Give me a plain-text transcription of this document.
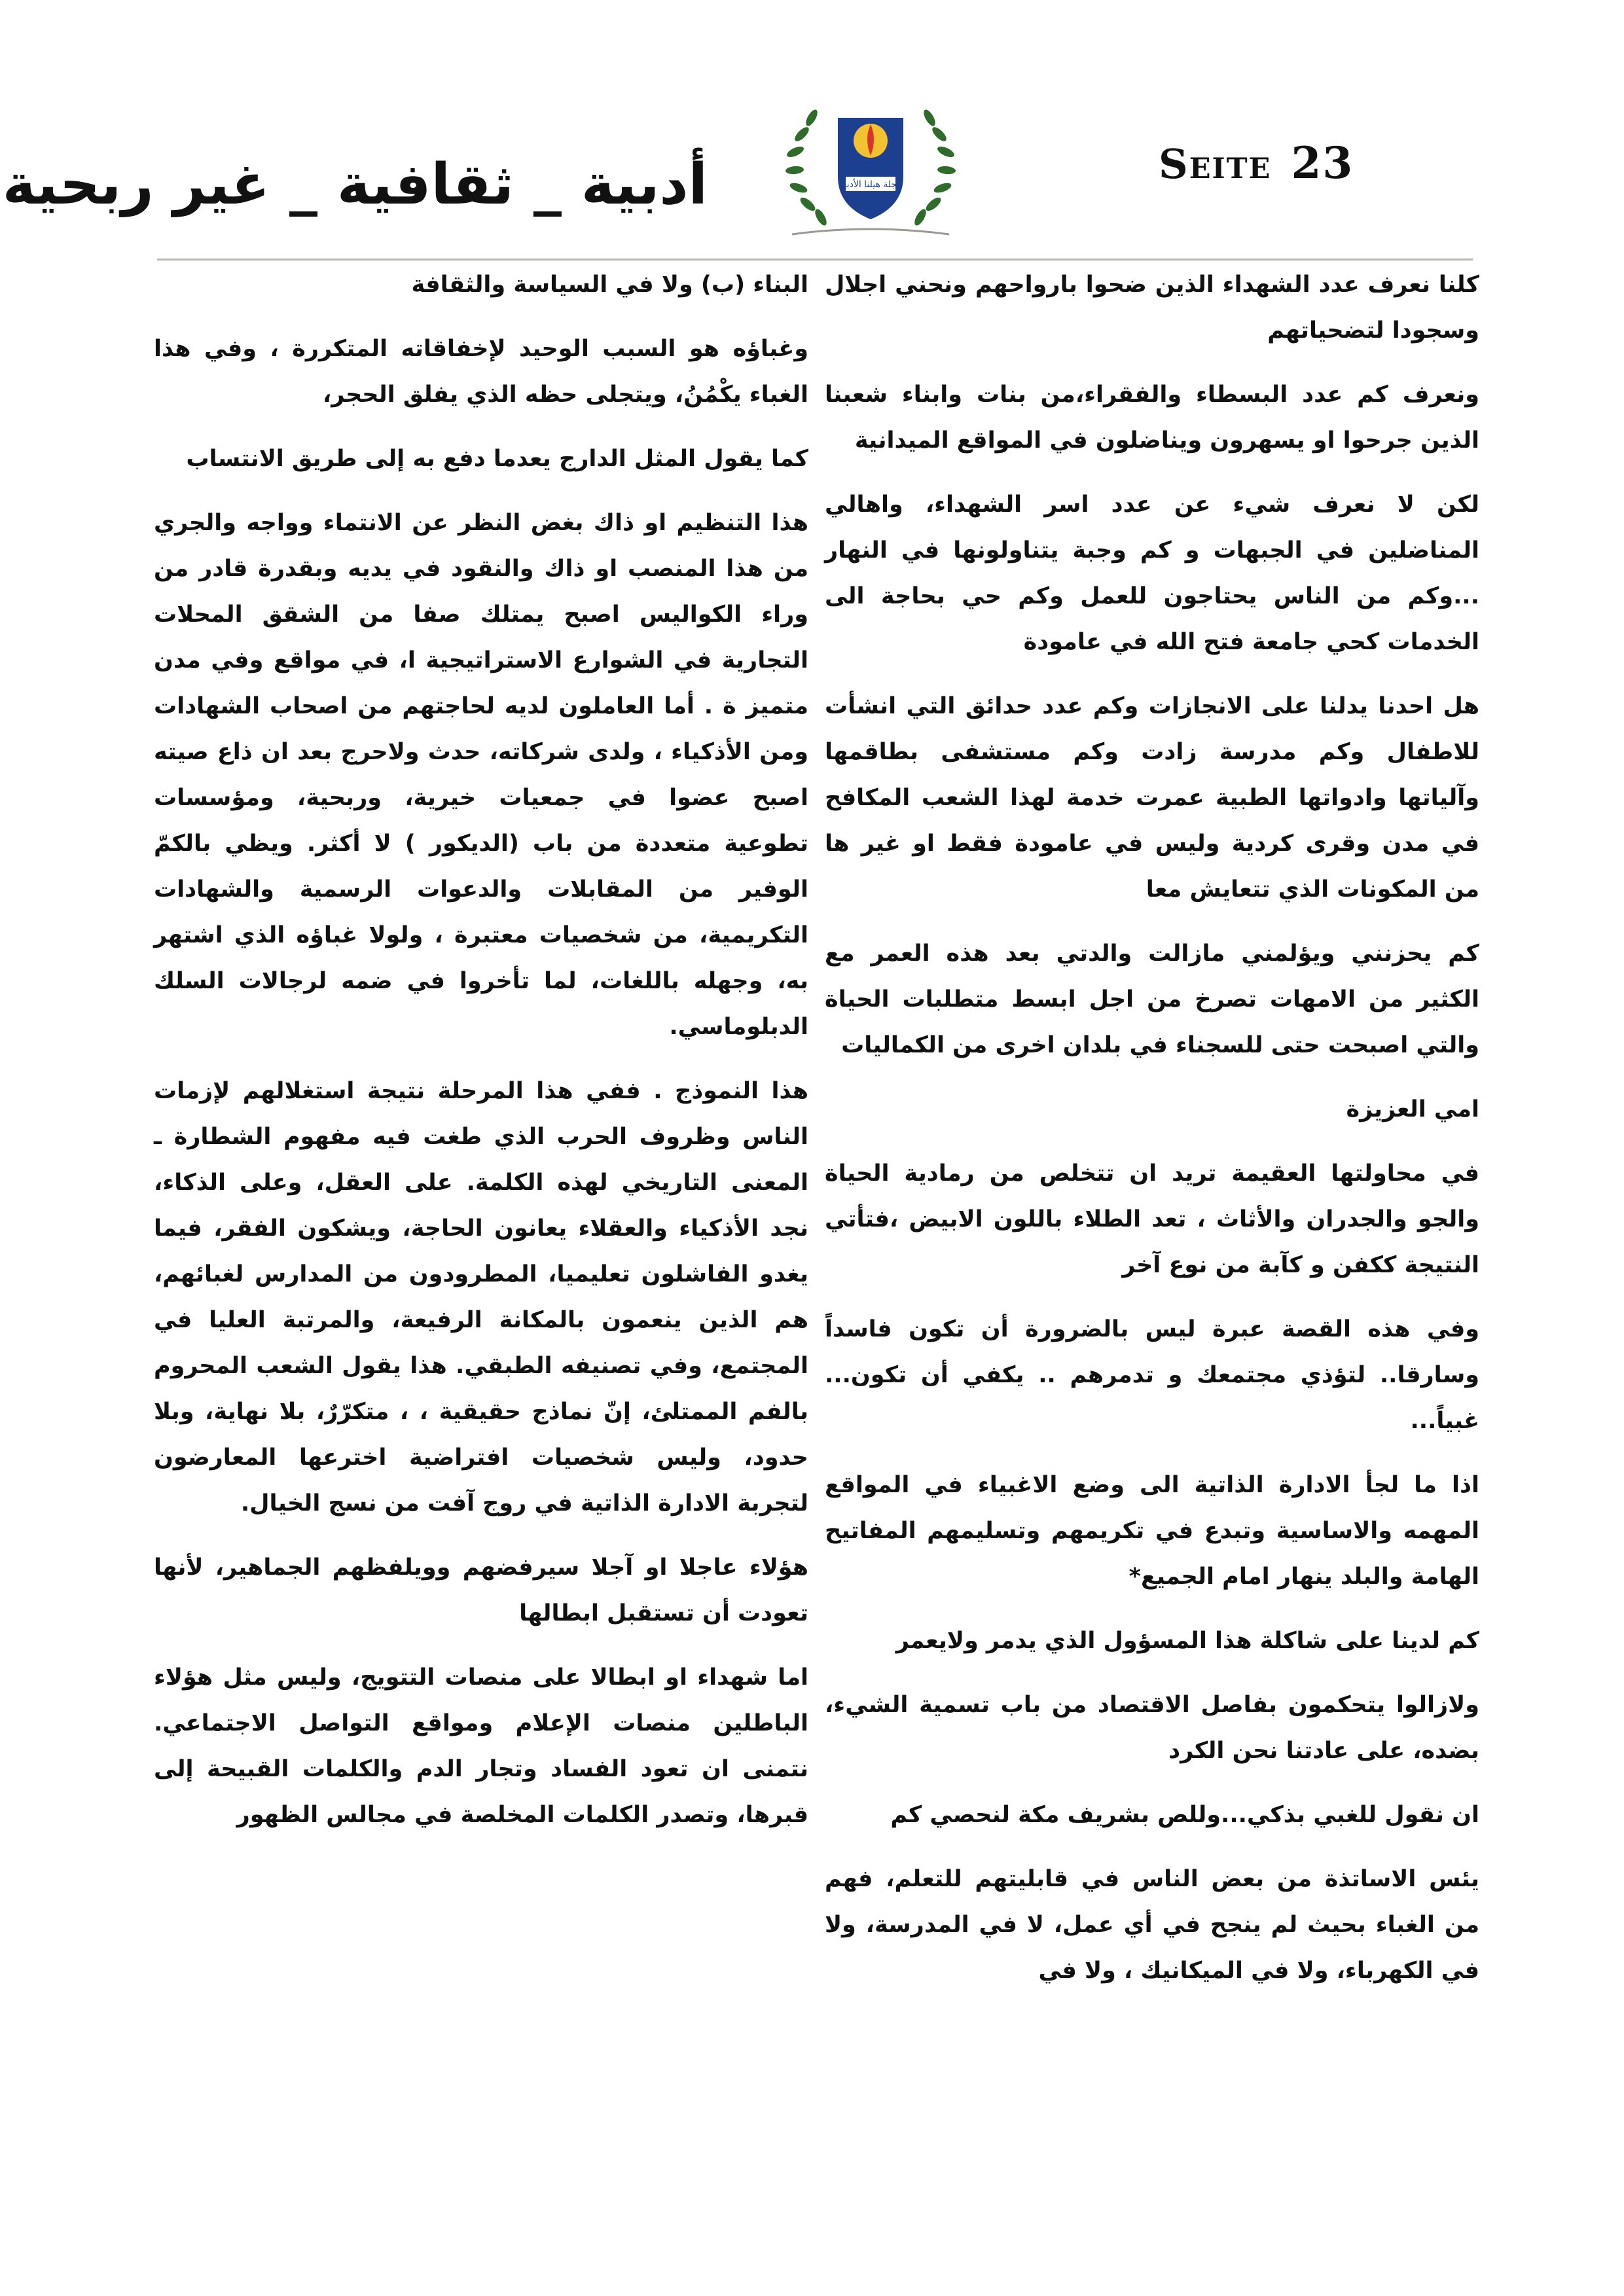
Seite 23
مجلة هيلنا الأدبية
أدبية _ ثقافية _ غير ربحية

كلنا نعرف عدد الشهداء الذين ضحوا بارواحهم ونحني اجلال وسجودا لتضحياتهم

ونعرف كم عدد البسطاء والفقراء،من بنات وابناء شعبنا الذين جرحوا او يسهرون ويناضلون في المواقع الميدانية

لكن لا نعرف شيء عن عدد اسر الشهداء، واهالي المناضلين في الجبهات و كم وجبة يتناولونها في النهار ...وكم من الناس يحتاجون للعمل وكم حي بحاجة الى الخدمات كحي جامعة فتح الله في عامودة

هل احدنا يدلنا على الانجازات وكم عدد حدائق التي انشأت للاطفال وكم مدرسة زادت وكم مستشفى بطاقمها وآلياتها وادواتها الطبية عمرت خدمة لهذا الشعب المكافح في مدن وقرى كردية وليس في عامودة فقط او غير ها من المكونات الذي تتعايش معا

كم يحزنني ويؤلمني مازالت والدتي بعد هذه العمر مع الكثير من الامهات تصرخ من اجل ابسط متطلبات الحياة والتي اصبحت حتى للسجناء في بلدان اخرى من الكماليات

امي العزيزة

في محاولتها العقيمة تريد ان تتخلص من رمادية الحياة والجو والجدران والأثاث ، تعد الطلاء باللون الابيض ،فتأتي النتيجة ككفن و كآبة من نوع آخر

وفي هذه القصة عبرة ليس بالضرورة أن تكون فاسداً وسارقا.. لتؤذي مجتمعك و تدمرهم .. يكفي أن تكون... غبياً...

اذا ما لجأ الادارة الذاتية الى وضع الاغبياء في المواقع المهمه والاساسية وتبدع في تكريمهم وتسليمهم المفاتيح الهامة والبلد ينهار امام الجميع*

كم لدينا على شاكلة هذا المسؤول الذي يدمر ولايعمر

ولازالوا يتحكمون بفاصل الاقتصاد من باب تسمية الشيء، بضده، على عادتنا نحن الكرد

ان نقول للغبي بذكي...وللص بشريف مكة لنحصي كم

يئس الاساتذة من بعض الناس في قابليتهم للتعلم، فهم من الغباء بحيث لم ينجح في أي عمل، لا في المدرسة، ولا في الكهرباء، ولا في الميكانيك ، ولا في

البناء (ب) ولا في السياسة والثقافة

وغباؤه هو السبب الوحيد لإخفاقاته المتكررة ، وفي هذا الغباء يكْمُنُ، ويتجلى حظه الذي يفلق الحجر،

كما يقول المثل الدارج يعدما دفع به إلى طريق الانتساب

هذا التنظيم او ذاك بغض النظر عن الانتماء وواجه والجري من هذا المنصب او ذاك والنقود في يديه وبقدرة قادر من وراء الكواليس اصبح يمتلك صفا من الشقق المحلات التجارية في الشوارع الاستراتيجية ا، في مواقع وفي مدن متميز ة . أما العاملون لديه لحاجتهم من اصحاب الشهادات ومن الأذكياء ، ولدى شركاته، حدث ولاحرج بعد ان ذاع صيته اصبح عضوا في جمعيات خيرية، وربحية، ومؤسسات تطوعية متعددة من باب (الديكور ) لا أكثر. ويظي بالكمّ الوفير من المقابلات والدعوات الرسمية والشهادات التكريمية، من شخصيات معتبرة ، ولولا غباؤه الذي اشتهر به، وجهله باللغات، لما تأخروا في ضمه لرجالات السلك الدبلوماسي.

هذا النموذج . ففي هذا المرحلة نتيجة استغلالهم لإزمات الناس وظروف الحرب الذي طغت فيه مفهوم الشطارة ـ المعنى التاريخي لهذه الكلمة. على العقل، وعلى الذكاء، نجد الأذكياء والعقلاء يعانون الحاجة، ويشكون الفقر، فيما يغدو الفاشلون تعليميا، المطرودون من المدارس لغبائهم، هم الذين ينعمون بالمكانة الرفيعة، والمرتبة العليا في المجتمع، وفي تصنيفه الطبقي. هذا يقول الشعب المحروم بالفم الممتلئ، إنّ نماذج حقيقية ، ، متكرّرٌ، بلا نهاية، وبلا حدود، وليس شخصيات افتراضية اخترعها المعارضون لتجربة الادارة الذاتية في روج آفت من نسج الخيال.

هؤلاء عاجلا او آجلا سيرفضهم وويلفظهم الجماهير، لأنها تعودت أن تستقبل ابطالها

اما شهداء او ابطالا على منصات التتويج، وليس مثل هؤلاء الباطلين منصات الإعلام ومواقع التواصل الاجتماعي. نتمنى ان تعود الفساد وتجار الدم والكلمات القبيحة إلى قبرها، وتصدر الكلمات المخلصة في مجالس الظهور
